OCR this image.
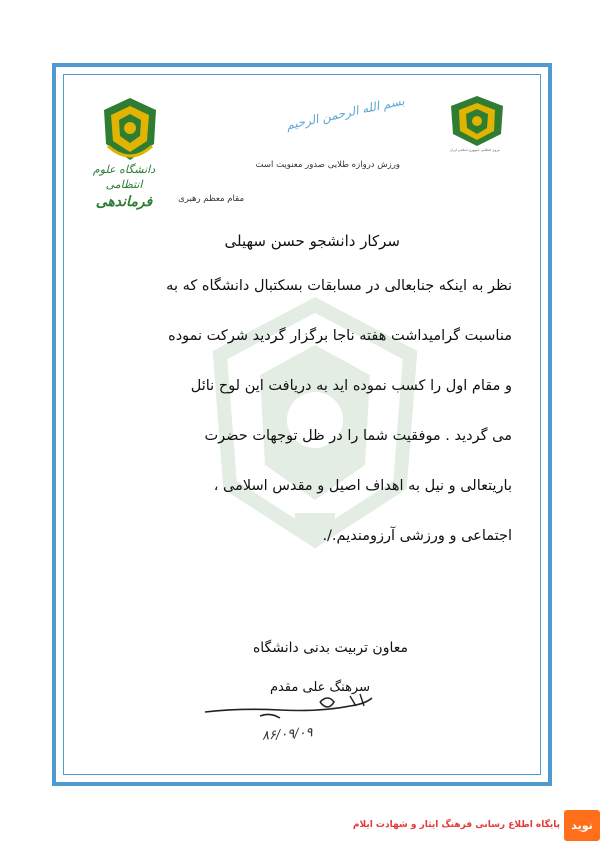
دانشگاه علوم انتظامی
فرماندهی
نیروی انتظامی جمهوری اسلامی ایران
بسم الله الرحمن الرحیم
ورزش دروازه طلایی صدور معنویت است
مقام معظم رهبری
سرکار دانشجو حسن سهیلی
نظر به اینکه جنابعالی در مسابقات بسکتبال دانشگاه که به
مناسبت گرامیداشت هفته ناجا برگزار گردید شرکت نموده
و مقام اول را کسب نموده اید به دریافت این لوح نائل
می گردید . موفقیت شما را در ظل توجهات حضرت
باریتعالی و نیل به اهداف اصیل و مقدس اسلامی ،
اجتماعی و ورزشی آرزومندیم./.
معاون تربیت بدنی دانشگاه
سرهنگ علی مقدم
۸۶/۰۹/۰۹
نوید
پایگاه اطلاع رسانی فرهنگ ایثار و شهادت ایلام
